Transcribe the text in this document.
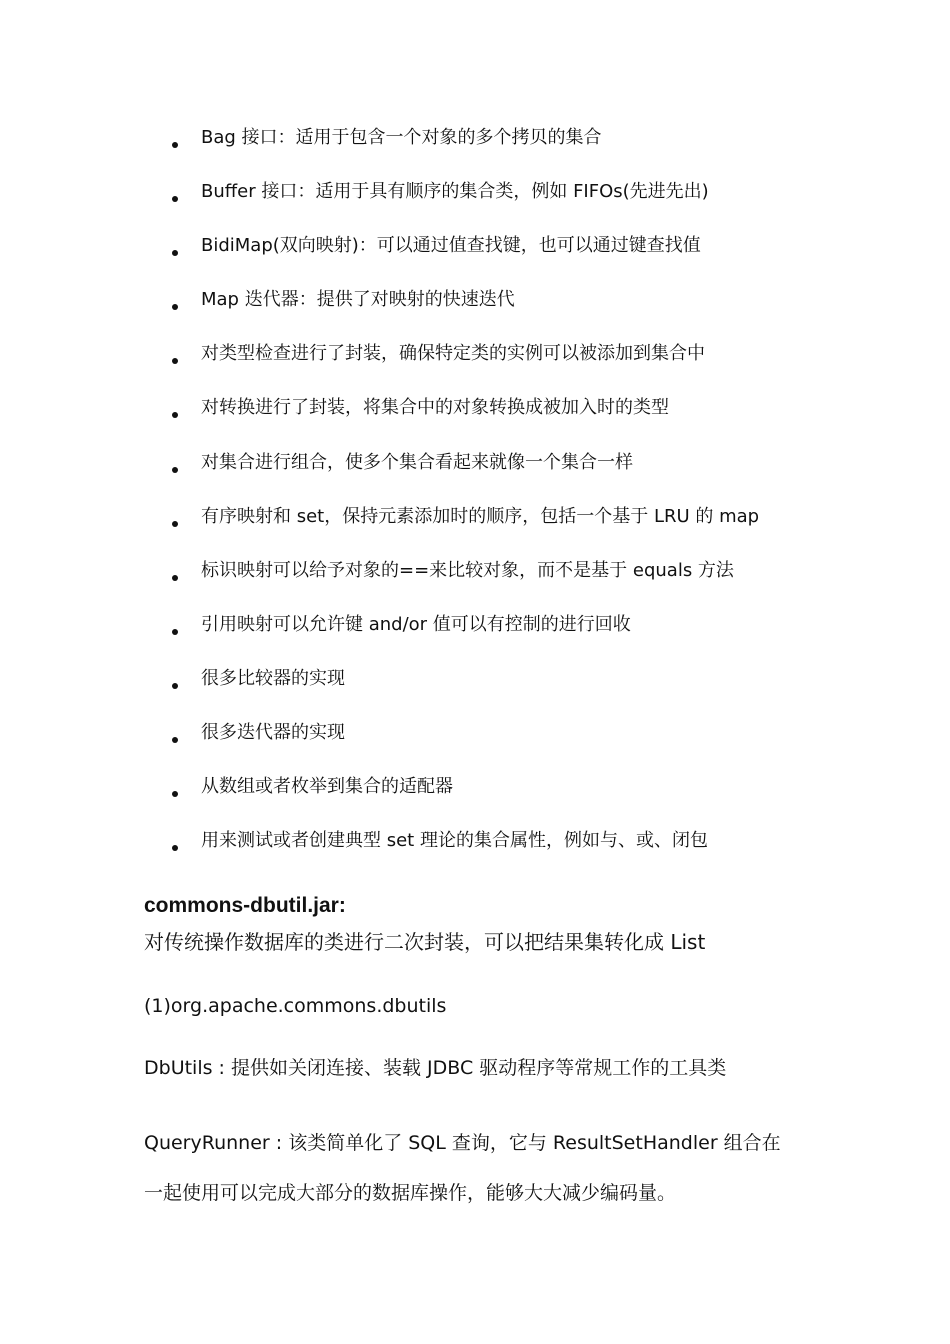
Bag 接口：适用于包含一个对象的多个拷贝的集合
Buffer 接口：适用于具有顺序的集合类，例如 FIFOs(先进先出)
BidiMap(双向映射)：可以通过值查找键，也可以通过键查找值
Map 迭代器：提供了对映射的快速迭代
对类型检查进行了封装，确保特定类的实例可以被添加到集合中
对转换进行了封装，将集合中的对象转换成被加入时的类型
对集合进行组合，使多个集合看起来就像一个集合一样
有序映射和 set，保持元素添加时的顺序，包括一个基于 LRU 的 map
标识映射可以给予对象的==来比较对象，而不是基于 equals 方法
引用映射可以允许键 and/or 值可以有控制的进行回收
很多比较器的实现
很多迭代器的实现
从数组或者枚举到集合的适配器
用来测试或者创建典型 set 理论的集合属性，例如与、或、闭包
commons-dbutil.jar:

对传统操作数据库的类进行二次封装，可以把结果集转化成 List

(1)org.apache.commons.dbutils

DbUtils : 提供如关闭连接、装载 JDBC 驱动程序等常规工作的工具类

QueryRunner : 该类简单化了 SQL 查询，它与 ResultSetHandler 组合在

一起使用可以完成大部分的数据库操作，能够大大减少编码量。
